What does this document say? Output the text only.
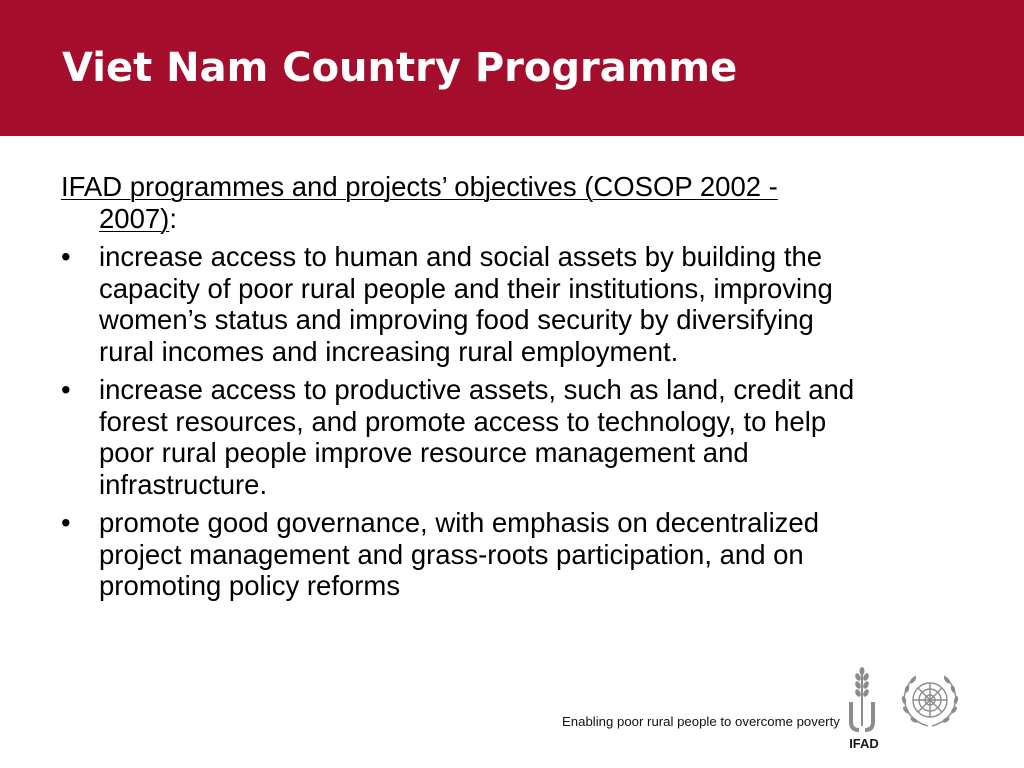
Viet Nam Country Programme

IFAD programmes and projects’ objectives (COSOP 2002 - 2007):

• increase access to human and social assets by building the capacity of poor rural people and their institutions, improving women’s status and improving food security by diversifying rural incomes and increasing rural employment.
• increase access to productive assets, such as land, credit and forest resources, and promote access to technology, to help poor rural people improve resource management and infrastructure.
• promote good governance, with emphasis on decentralized project management and grass-roots participation, and on promoting policy reforms
Enabling poor rural people to overcome poverty
IFAD
